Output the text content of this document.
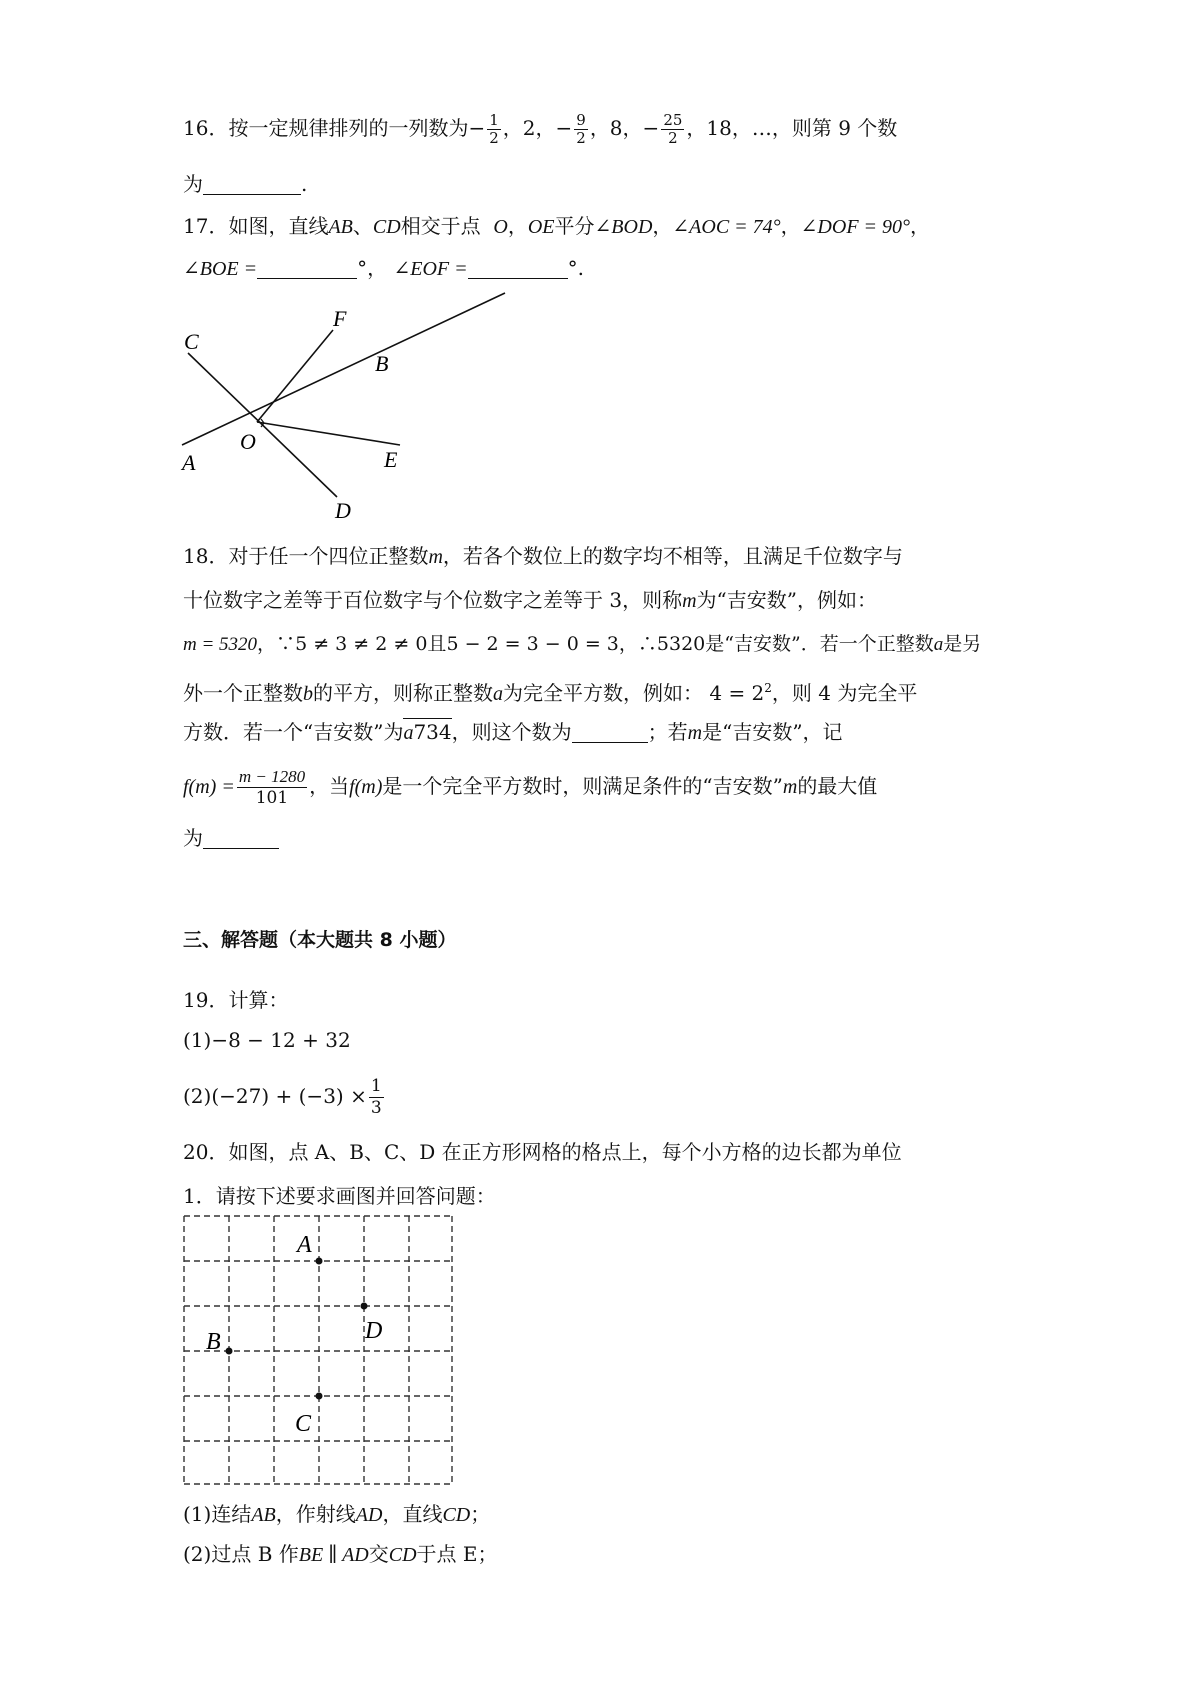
16．按一定规律排列的一列数为− $\frac{1}{2}$ ，2，− $\frac{9}{2}$ ，8，− $\frac{25}{2}$ ，18，…，则第 9 个数
为	.
17．如图，直线AB、CD相交于点 O，OE平分∠BOD，∠AOC = 74°，∠DOF = 90°，
∠BOE =	°， ∠EOF =	°.
C
F
B
O
A	E
D
18．对于任一个四位正整数m，若各个数位上的数字均不相等，且满足千位数字与
十位数字之差等于百位数字与个位数字之差等于 3，则称m为“吉安数”，例如：
m = 5320，∵5 ≠ 3 ≠ 2 ≠ 0且5 − 2 = 3 − 0 = 3，∴5320是“吉安数”．若一个正整数a是另
外一个正整数b的平方，则称正整数a为完全平方数，例如： $4 = 2^2$，则 4 为完全平
方数．若一个“吉安数”为a734，则这个数为	；若m是“吉安数”，记
$f(m) = \frac{m - 1280}{101}$ ，当f(m)是一个完全平方数时，则满足条件的“吉安数”m的最大值
为
三、解答题（本大题共 8 小题）
19．计算：
(1)−8 − 12 + 32
$(2)(-27) + (-3) \times \frac{1}{3}$
20．如图，点 A、B、C、D 在正方形网格的格点上，每个小方格的边长都为单位
1．请按下述要求画图并回答问题：
A
D
B
C
(1)连结AB，作射线AD，直线CD；
(2)过点 B 作BE ∥ AD交CD于点 E；
